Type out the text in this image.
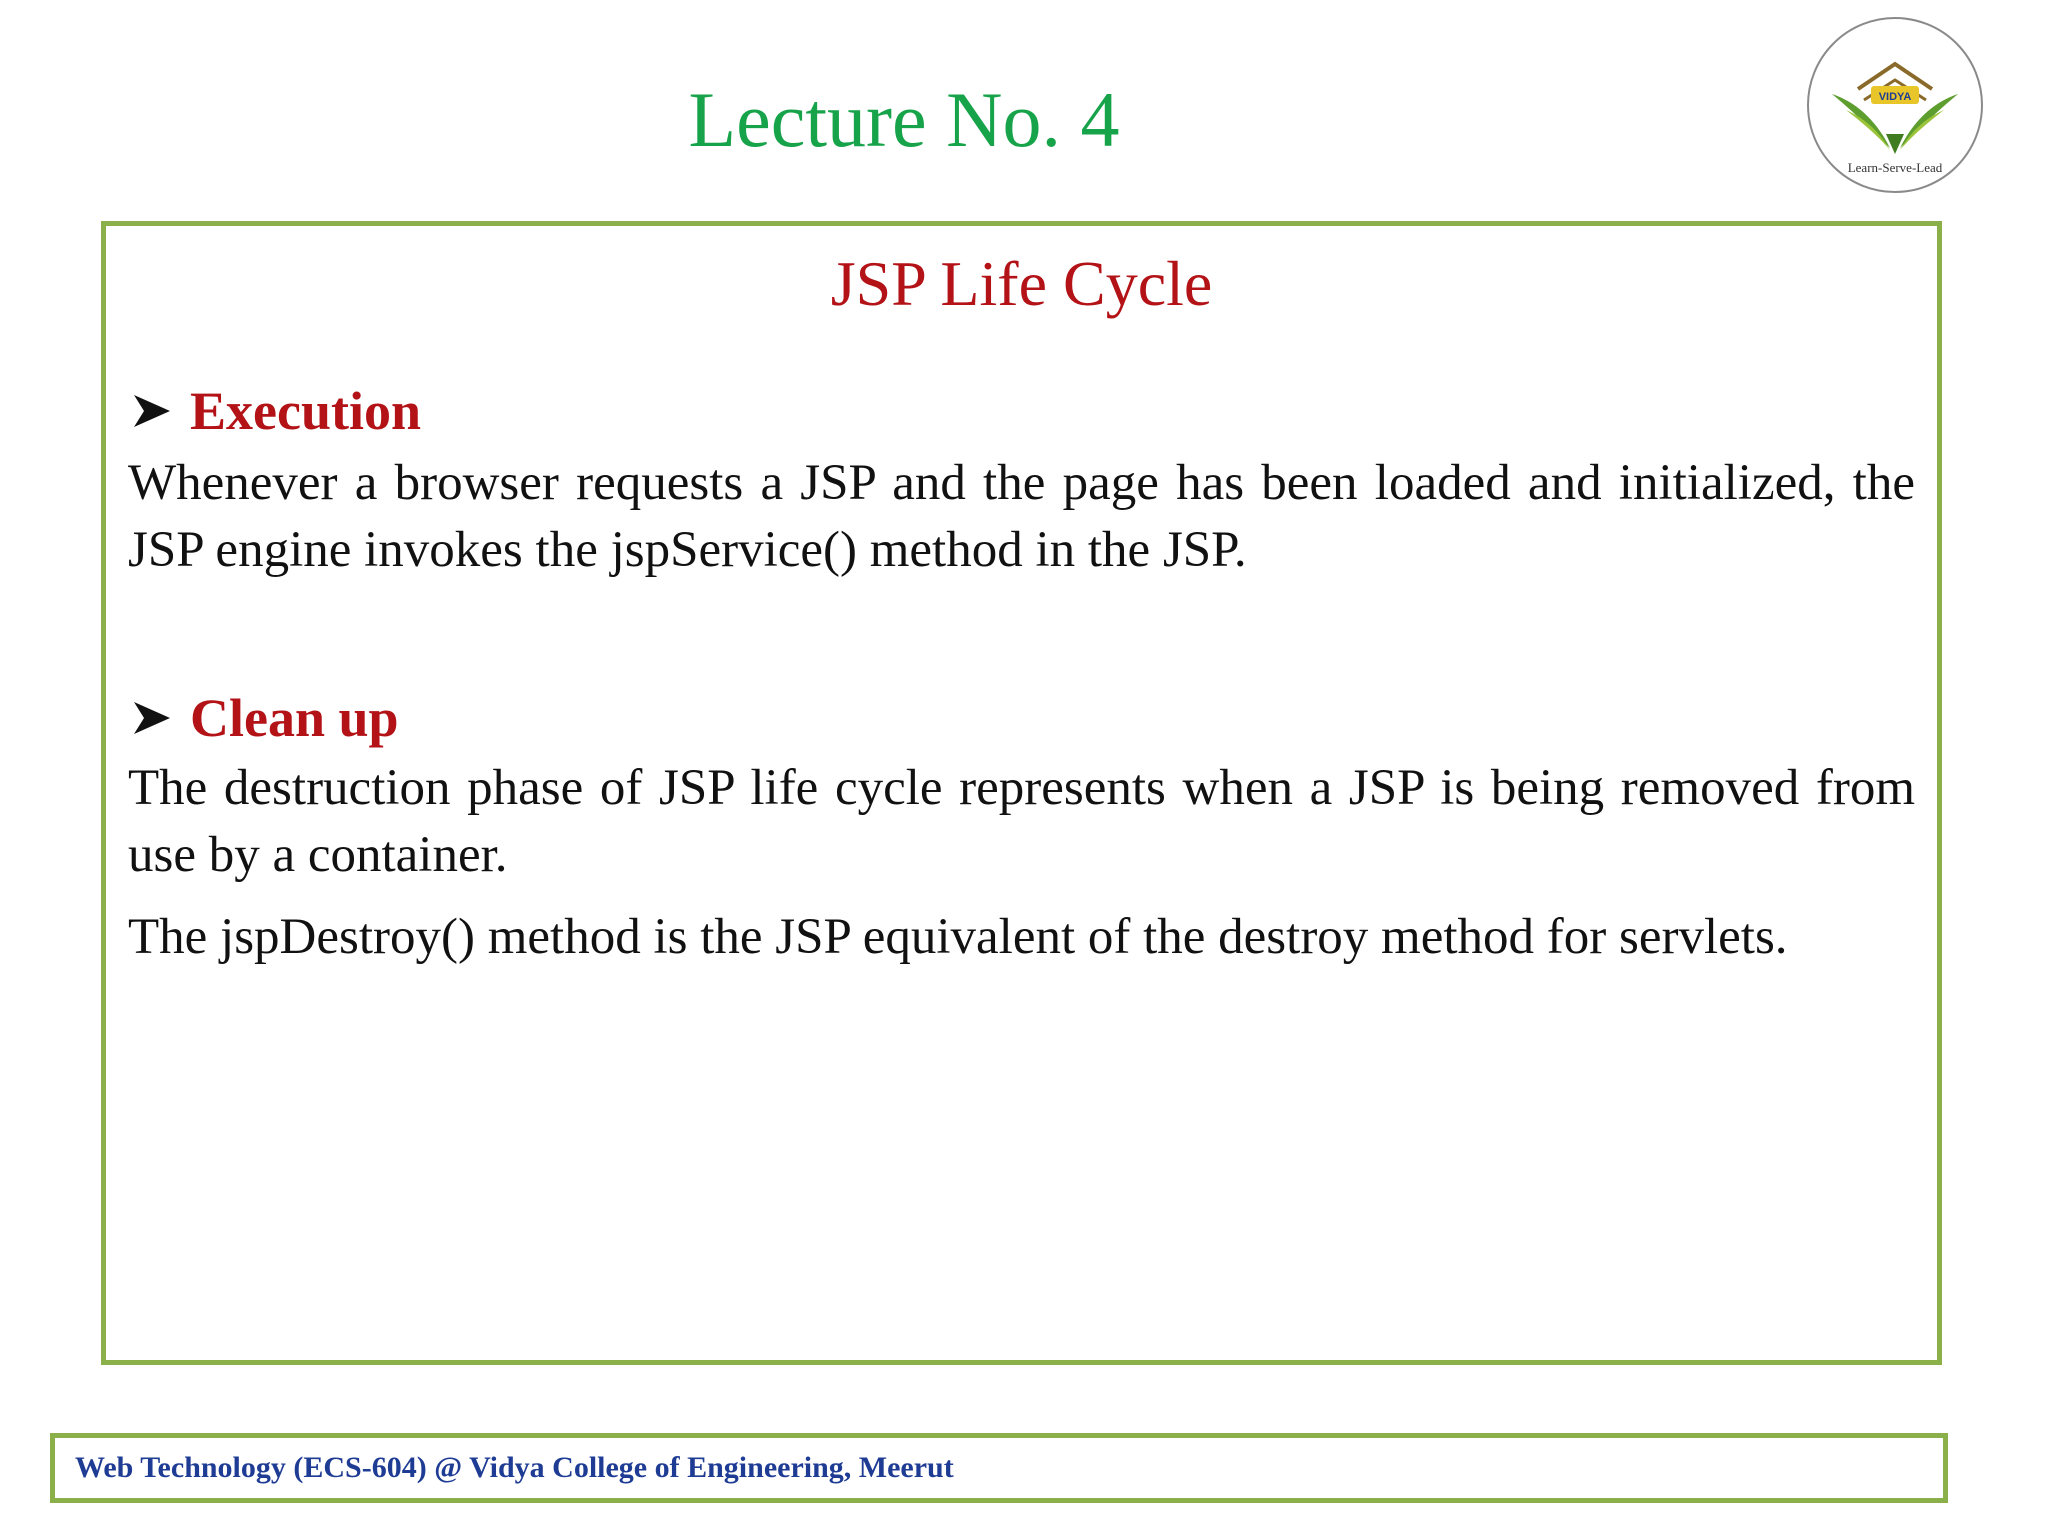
Lecture No. 4	VIDYA
Learn-Serve-Lead
JSP Life Cycle
Execution

Whenever a browser requests a JSP and the page has been loaded and initialized, the JSP engine invokes the jspService() method in the JSP.

Clean up

The destruction phase of JSP life cycle represents when a JSP is being removed from use by a container.

The jspDestroy() method is the JSP equivalent of the destroy method for servlets.

Web Technology (ECS-604) @ Vidya College of Engineering, Meerut
